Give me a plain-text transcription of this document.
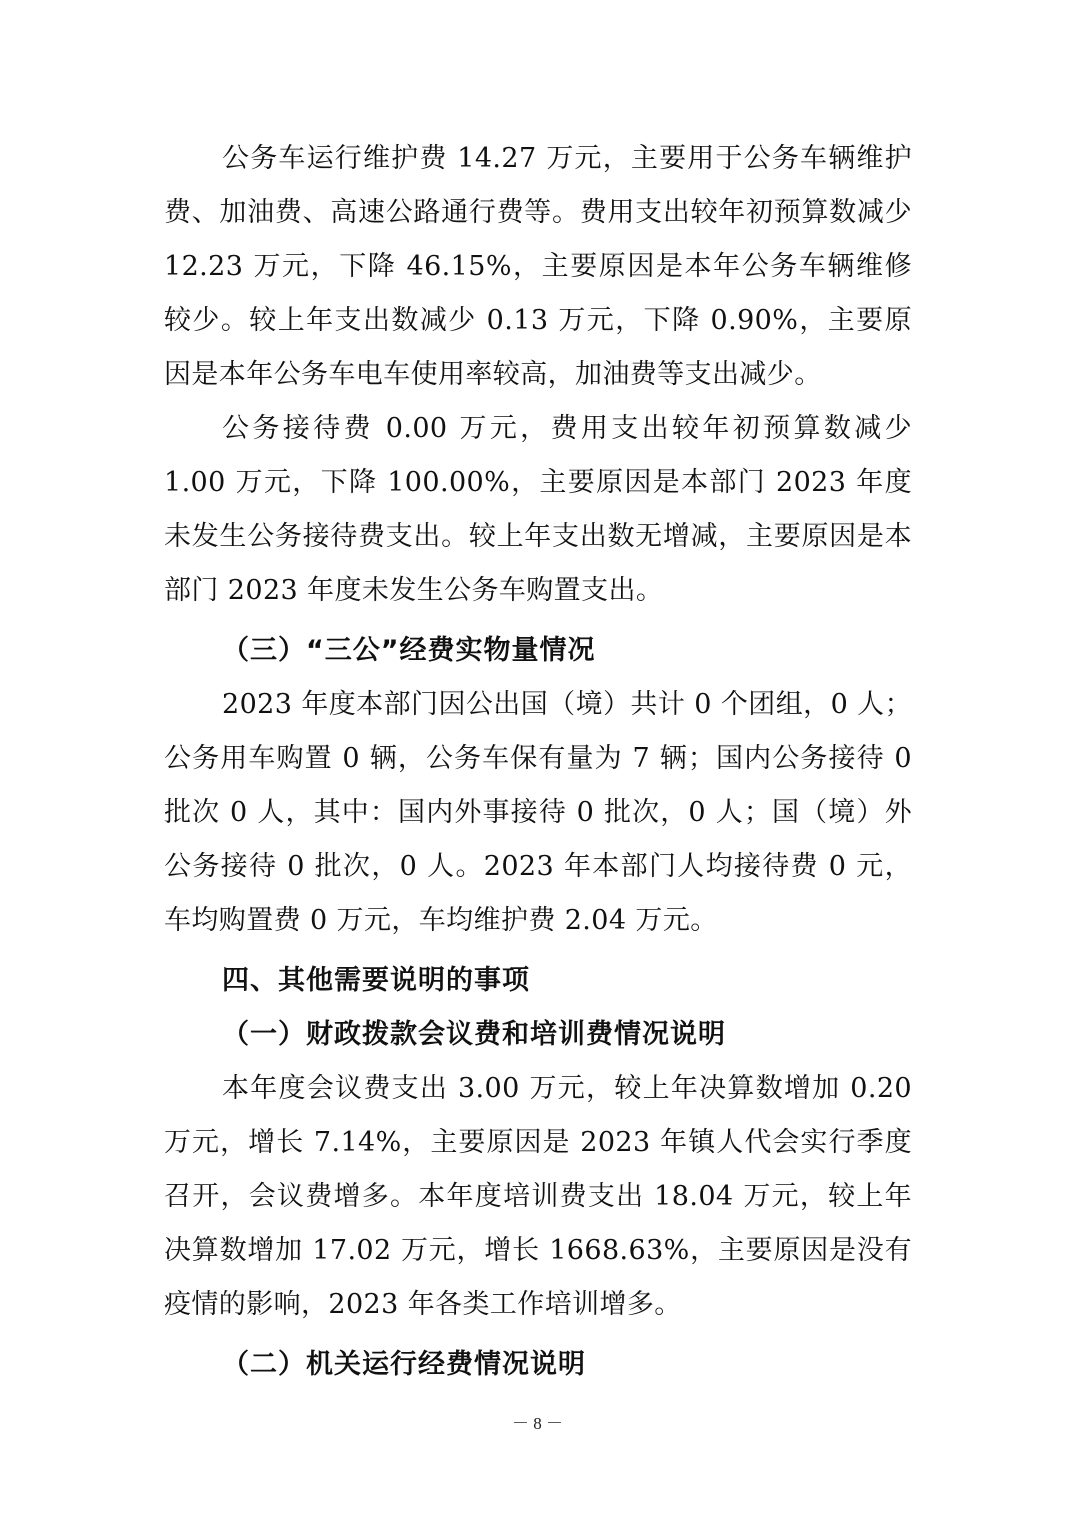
公务车运行维护费 14.27 万元，主要用于公务车辆维护费、加油费、高速公路通行费等。费用支出较年初预算数减少 12.23 万元，下降 46.15%，主要原因是本年公务车辆维修较少。较上年支出数减少 0.13 万元，下降 0.90%，主要原因是本年公务车电车使用率较高，加油费等支出减少。

公务接待费 0.00 万元，费用支出较年初预算数减少 1.00 万元，下降 100.00%，主要原因是本部门 2023 年度未发生公务接待费支出。较上年支出数无增减，主要原因是本部门 2023 年度未发生公务车购置支出。

（三）“三公”经费实物量情况

2023 年度本部门因公出国（境）共计 0 个团组，0 人；公务用车购置 0 辆，公务车保有量为 7 辆；国内公务接待 0 批次 0 人，其中：国内外事接待 0 批次，0 人；国（境）外公务接待 0 批次，0 人。2023 年本部门人均接待费 0 元，车均购置费 0 万元，车均维护费 2.04 万元。

四、其他需要说明的事项

（一）财政拨款会议费和培训费情况说明

本年度会议费支出 3.00 万元，较上年决算数增加 0.20 万元，增长 7.14%，主要原因是 2023 年镇人代会实行季度召开，会议费增多。本年度培训费支出 18.04 万元，较上年决算数增加 17.02 万元，增长 1668.63%，主要原因是没有疫情的影响，2023 年各类工作培训增多。

（二）机关运行经费情况说明

－ 8 －
